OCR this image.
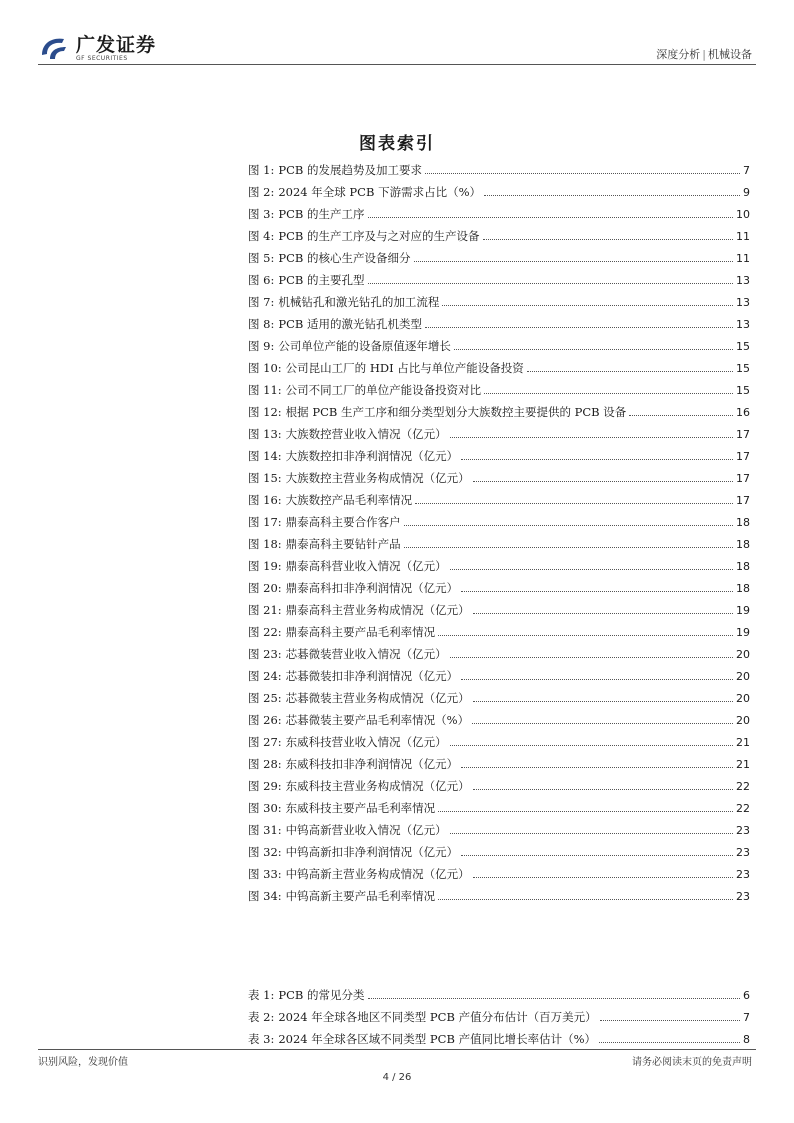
广发证券
GF SECURITIES	深度分析 | 机械设备
图表索引
图 1: PCB 的发展趋势及加工要求	7
图 2: 2024 年全球 PCB 下游需求占比（%）	9
图 3: PCB 的生产工序	10
图 4: PCB 的生产工序及与之对应的生产设备	11
图 5: PCB 的核心生产设备细分	11
图 6: PCB 的主要孔型	13
图 7: 机械钻孔和激光钻孔的加工流程	13
图 8: PCB 适用的激光钻孔机类型	13
图 9: 公司单位产能的设备原值逐年增长	15
图 10: 公司昆山工厂的 HDI 占比与单位产能设备投资	15
图 11: 公司不同工厂的单位产能设备投资对比	15
图 12: 根据 PCB 生产工序和细分类型划分大族数控主要提供的 PCB 设备	16
图 13: 大族数控营业收入情况（亿元）	17
图 14: 大族数控扣非净利润情况（亿元）	17
图 15: 大族数控主营业务构成情况（亿元）	17
图 16: 大族数控产品毛利率情况	17
图 17: 鼎泰高科主要合作客户	18
图 18: 鼎泰高科主要钻针产品	18
图 19: 鼎泰高科营业收入情况（亿元）	18
图 20: 鼎泰高科扣非净利润情况（亿元）	18
图 21: 鼎泰高科主营业务构成情况（亿元）	19
图 22: 鼎泰高科主要产品毛利率情况	19
图 23: 芯碁微装营业收入情况（亿元）	20
图 24: 芯碁微装扣非净利润情况（亿元）	20
图 25: 芯碁微装主营业务构成情况（亿元）	20
图 26: 芯碁微装主要产品毛利率情况（%）	20
图 27: 东威科技营业收入情况（亿元）	21
图 28: 东威科技扣非净利润情况（亿元）	21
图 29: 东威科技主营业务构成情况（亿元）	22
图 30: 东威科技主要产品毛利率情况	22
图 31: 中钨高新营业收入情况（亿元）	23
图 32: 中钨高新扣非净利润情况（亿元）	23
图 33: 中钨高新主营业务构成情况（亿元）	23
图 34: 中钨高新主要产品毛利率情况	23
表 1: PCB 的常见分类	6
表 2: 2024 年全球各地区不同类型 PCB 产值分布估计（百万美元）	7
表 3: 2024 年全球各区域不同类型 PCB 产值同比增长率估计（%）	8
识别风险，发现价值	请务必阅读末页的免责声明
4 / 26
